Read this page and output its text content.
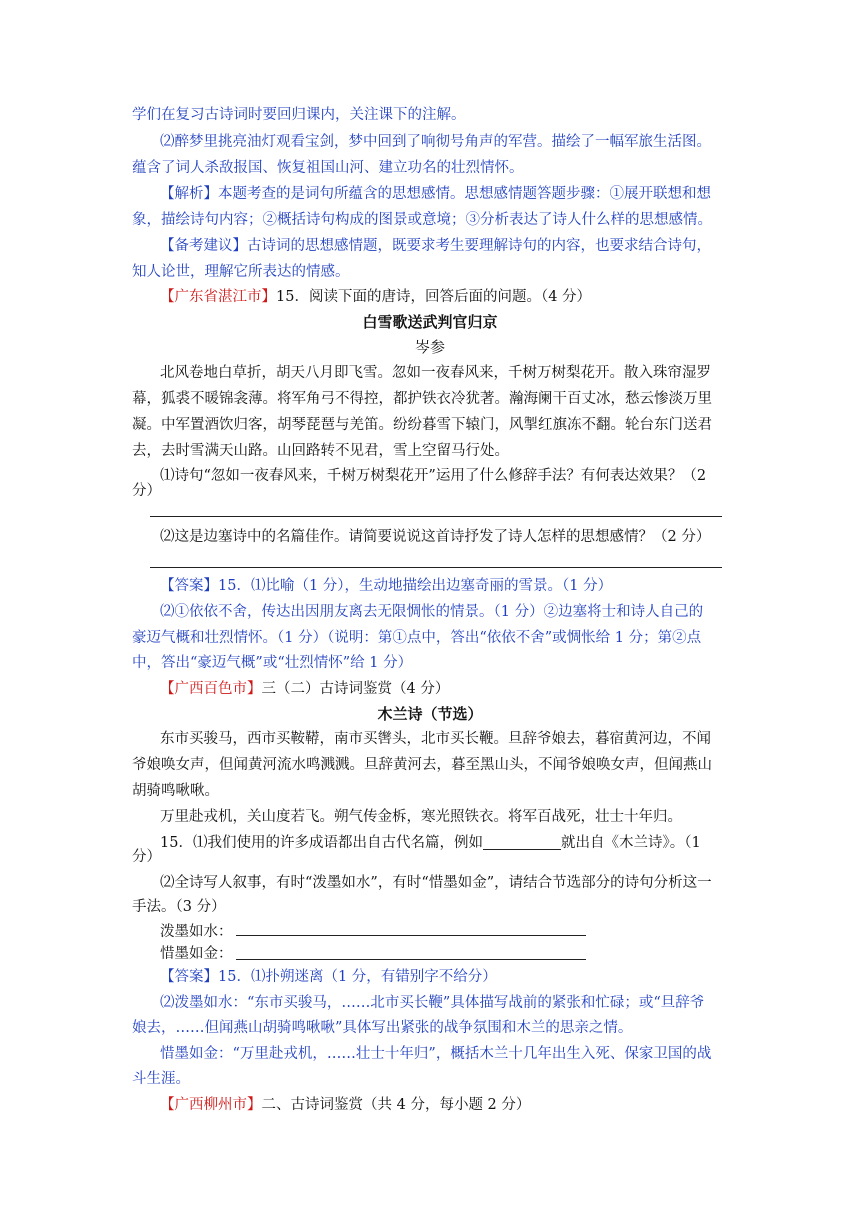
学们在复习古诗词时要回归课内，关注课下的注解。
⑵醉梦里挑亮油灯观看宝剑，梦中回到了响彻号角声的军营。描绘了一幅军旅生活图。
蕴含了词人杀敌报国、恢复祖国山河、建立功名的壮烈情怀。
【解析】本题考查的是词句所蕴含的思想感情。思想感情题答题步骤：①展开联想和想
象，描绘诗句内容；②概括诗句构成的图景或意境；③分析表达了诗人什么样的思想感情。
【备考建议】古诗词的思想感情题，既要求考生要理解诗句的内容，也要求结合诗句，
知人论世，理解它所表达的情感。
【广东省湛江市】15．阅读下面的唐诗，回答后面的问题。（4 分）
白雪歌送武判官归京
岑参
北风卷地白草折，胡天八月即飞雪。忽如一夜春风来，千树万树梨花开。散入珠帘湿罗
幕，狐裘不暖锦衾薄。将军角弓不得控，都护铁衣冷犹著。瀚海阑干百丈冰，愁云惨淡万里
凝。中军置酒饮归客，胡琴琵琶与羌笛。纷纷暮雪下辕门，风掣红旗冻不翻。轮台东门送君
去，去时雪满天山路。山回路转不见君，雪上空留马行处。
⑴诗句“忽如一夜春风来，千树万树梨花开”运用了什么修辞手法？有何表达效果？（2
分）
⑵这是边塞诗中的名篇佳作。请简要说说这首诗抒发了诗人怎样的思想感情？（2 分）
【答案】15．⑴比喻（1 分），生动地描绘出边塞奇丽的雪景。（1 分）
⑵①依依不舍，传达出因朋友离去无限惆怅的情景。（1 分）②边塞将士和诗人自己的
豪迈气概和壮烈情怀。（1 分）（说明：第①点中，答出“依依不舍”或惆怅给 1 分；第②点
中，答出“豪迈气概”或“壮烈情怀”给 1 分）
【广西百色市】三（二）古诗词鉴赏（4 分）
木兰诗（节选）
东市买骏马，西市买鞍鞯，南市买辔头，北市买长鞭。旦辞爷娘去，暮宿黄河边，不闻
爷娘唤女声，但闻黄河流水鸣溅溅。旦辞黄河去，暮至黑山头，不闻爷娘唤女声，但闻燕山
胡骑鸣啾啾。
万里赴戎机，关山度若飞。朔气传金柝，寒光照铁衣。将军百战死，壮士十年归。
15．⑴我们使用的许多成语都出自古代名篇，例如	就出自《木兰诗》。（1
分）
⑵全诗写人叙事，有时“泼墨如水”，有时“惜墨如金”，请结合节选部分的诗句分析这一
手法。（3 分）
泼墨如水：
惜墨如金：
【答案】15．⑴扑朔迷离（1 分，有错别字不给分）
⑵泼墨如水：“东市买骏马，……北市买长鞭”具体描写战前的紧张和忙碌；或“旦辞爷
娘去，……但闻燕山胡骑鸣啾啾”具体写出紧张的战争氛围和木兰的思亲之情。
惜墨如金：“万里赴戎机，……壮士十年归”，概括木兰十几年出生入死、保家卫国的战
斗生涯。
【广西柳州市】二、古诗词鉴赏（共 4 分，每小题 2 分）
